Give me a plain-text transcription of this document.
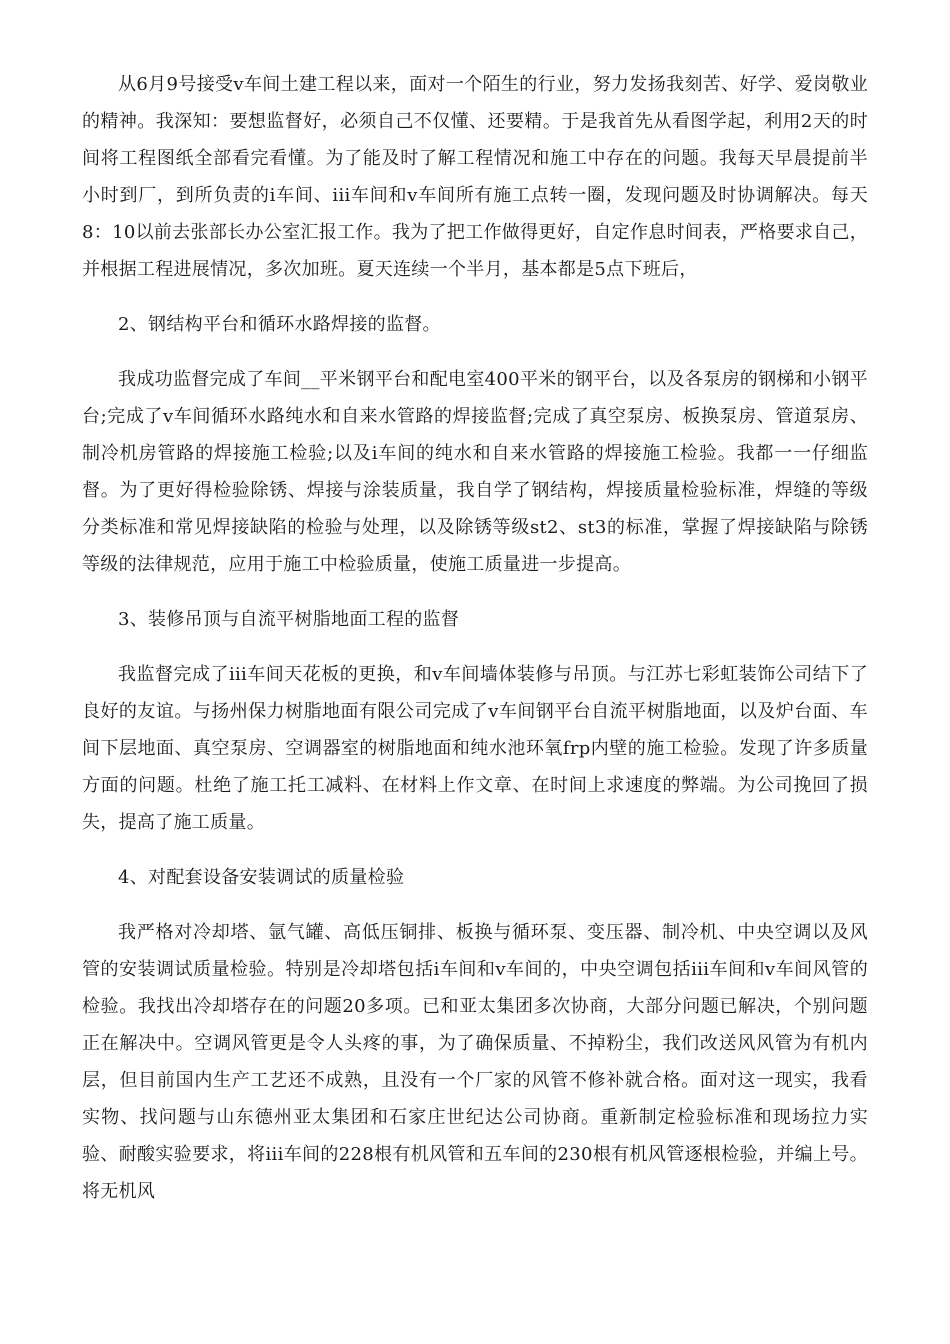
从6月9号接受v车间土建工程以来，面对一个陌生的行业，努力发扬我刻苦、好学、爱岗敬业的精神。我深知：要想监督好，必须自己不仅懂、还要精。于是我首先从看图学起，利用2天的时间将工程图纸全部看完看懂。为了能及时了解工程情况和施工中存在的问题。我每天早晨提前半小时到厂，到所负责的i车间、iii车间和v车间所有施工点转一圈，发现问题及时协调解决。每天8：10以前去张部长办公室汇报工作。我为了把工作做得更好，自定作息时间表，严格要求自己，并根据工程进展情况，多次加班。夏天连续一个半月，基本都是5点下班后，

2、钢结构平台和循环水路焊接的监督。

我成功监督完成了车间__平米钢平台和配电室400平米的钢平台，以及各泵房的钢梯和小钢平台;完成了v车间循环水路纯水和自来水管路的焊接监督;完成了真空泵房、板换泵房、管道泵房、制冷机房管路的焊接施工检验;以及i车间的纯水和自来水管路的焊接施工检验。我都一一仔细监督。为了更好得检验除锈、焊接与涂装质量，我自学了钢结构，焊接质量检验标准，焊缝的等级分类标准和常见焊接缺陷的检验与处理，以及除锈等级st2、st3的标准，掌握了焊接缺陷与除锈等级的法律规范，应用于施工中检验质量，使施工质量进一步提高。

3、装修吊顶与自流平树脂地面工程的监督

我监督完成了iii车间天花板的更换，和v车间墙体装修与吊顶。与江苏七彩虹装饰公司结下了良好的友谊。与扬州保力树脂地面有限公司完成了v车间钢平台自流平树脂地面，以及炉台面、车间下层地面、真空泵房、空调器室的树脂地面和纯水池环氧frp内壁的施工检验。发现了许多质量方面的问题。杜绝了施工托工减料、在材料上作文章、在时间上求速度的弊端。为公司挽回了损失，提高了施工质量。

4、对配套设备安装调试的质量检验

我严格对冷却塔、氩气罐、高低压铜排、板换与循环泵、变压器、制冷机、中央空调以及风管的安装调试质量检验。特别是冷却塔包括i车间和v车间的，中央空调包括iii车间和v车间风管的检验。我找出冷却塔存在的问题20多项。已和亚太集团多次协商，大部分问题已解决，个别问题正在解决中。空调风管更是令人头疼的事，为了确保质量、不掉粉尘，我们改送风风管为有机内层，但目前国内生产工艺还不成熟，且没有一个厂家的风管不修补就合格。面对这一现实，我看实物、找问题与山东德州亚太集团和石家庄世纪达公司协商。重新制定检验标准和现场拉力实验、耐酸实验要求，将iii车间的228根有机风管和五车间的230根有机风管逐根检验，并编上号。将无机风
